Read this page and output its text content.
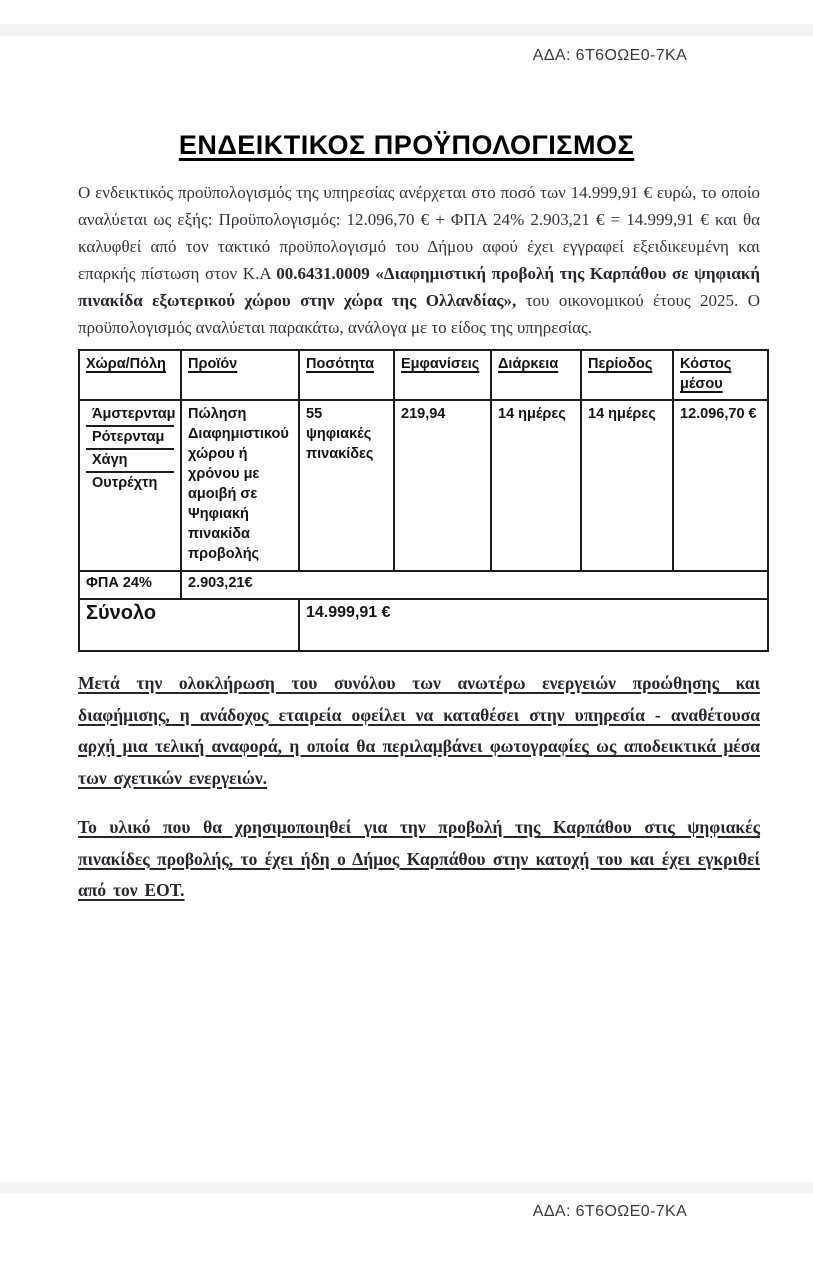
ΑΔΑ: 6Τ6ΟΩΕ0-7ΚΑ
ΕΝΔΕΙΚΤΙΚΟΣ ΠΡΟΫΠΟΛΟΓΙΣΜΟΣ

Ο ενδεικτικός προϋπολογισμός της υπηρεσίας ανέρχεται στο ποσό των 14.999,91 € ευρώ, το οποίο αναλύεται ως εξής: Προϋπολογισμός: 12.096,70 € + ΦΠΑ 24% 2.903,21 € = 14.999,91 € και θα καλυφθεί από τον τακτικό προϋπολογισμό του Δήμου αφού έχει εγγραφεί εξειδικευμένη και επαρκής πίστωση στον Κ.Α 00.6431.0009 «Διαφημιστική προβολή της Καρπάθου σε ψηφιακή πινακίδα εξωτερικού χώρου στην χώρα της Ολλανδίας», του οικονομικού έτους 2025. Ο προϋπολογισμός αναλύεται παρακάτω, ανάλογα με το είδος της υπηρεσίας.

Χώρα/Πόλη	Προϊόν	Ποσότητα	Εμφανίσεις	Διάρκεια	Περίοδος	Κόστος μέσου

Άμστερνταμ
Ρότερνταμ
Χάγη
Ουτρέχτη	Πώληση Διαφημιστικού χώρου ή χρόνου με αμοιβή σε Ψηφιακή πινακίδα προβολής	55 ψηφιακές πινακίδες	219,94	14 ημέρες	14 ημέρες	12.096,70 €
ΦΠΑ 24%	2.903,21€					
Σύνολο		14.999,91 €				

Μετά την ολοκλήρωση του συνόλου των ανωτέρω ενεργειών προώθησης και διαφήμισης, η ανάδοχος εταιρεία οφείλει να καταθέσει στην υπηρεσία - αναθέτουσα αρχή μια τελική αναφορά, η οποία θα περιλαμβάνει φωτογραφίες ως αποδεικτικά μέσα των σχετικών ενεργειών.

Το υλικό που θα χρησιμοποιηθεί για την προβολή της Καρπάθου στις ψηφιακές πινακίδες προβολής, το έχει ήδη ο Δήμος Καρπάθου στην κατοχή του και έχει εγκριθεί από τον ΕΟΤ.

ΑΔΑ: 6Τ6ΟΩΕ0-7ΚΑ
